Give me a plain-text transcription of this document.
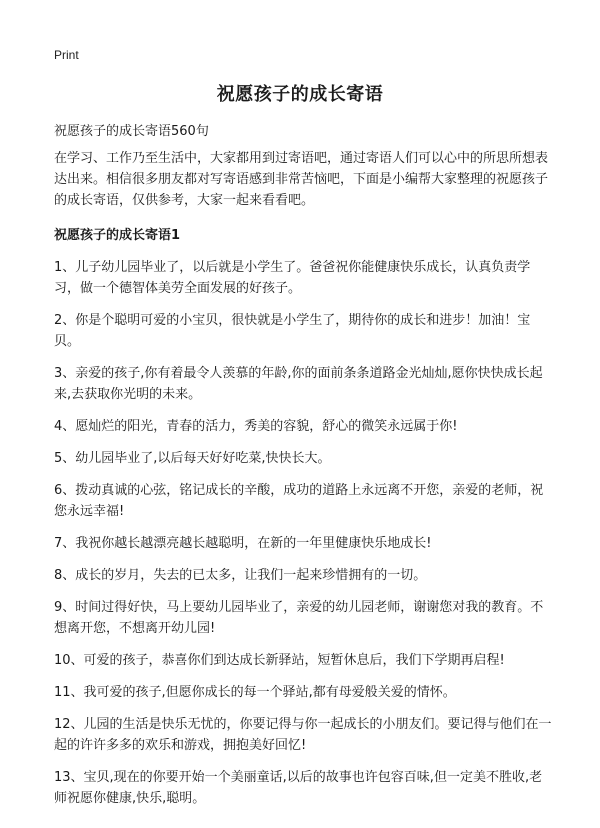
Print
祝愿孩子的成长寄语
祝愿孩子的成长寄语560句

在学习、工作乃至生活中，大家都用到过寄语吧，通过寄语人们可以心中的所思所想表达出来。相信很多朋友都对写寄语感到非常苦恼吧，下面是小编帮大家整理的祝愿孩子的成长寄语，仅供参考，大家一起来看看吧。

祝愿孩子的成长寄语1

1、儿子幼儿园毕业了，以后就是小学生了。爸爸祝你能健康快乐成长，认真负责学习，做一个德智体美劳全面发展的好孩子。

2、你是个聪明可爱的小宝贝，很快就是小学生了，期待你的成长和进步！加油！宝贝。

3、亲爱的孩子,你有着最令人羡慕的年龄,你的面前条条道路金光灿灿,愿你快快成长起来,去获取你光明的未来。

4、愿灿烂的阳光，青春的活力，秀美的容貌，舒心的微笑永远属于你!

5、幼儿园毕业了,以后每天好好吃菜,快快长大。

6、拨动真诚的心弦，铭记成长的辛酸，成功的道路上永远离不开您，亲爱的老师，祝您永远幸福!

7、我祝你越长越漂亮越长越聪明，在新的一年里健康快乐地成长!

8、成长的岁月，失去的已太多，让我们一起来珍惜拥有的一切。

9、时间过得好快，马上要幼儿园毕业了，亲爱的幼儿园老师，谢谢您对我的教育。不想离开您，不想离开幼儿园!

10、可爱的孩子，恭喜你们到达成长新驿站，短暂休息后，我们下学期再启程!

11、我可爱的孩子,但愿你成长的每一个驿站,都有母爱般关爱的情怀。

12、儿园的生活是快乐无忧的，你要记得与你一起成长的小朋友们。要记得与他们在一起的许许多多的欢乐和游戏，拥抱美好回忆!

13、宝贝,现在的你要开始一个美丽童话,以后的故事也许包容百味,但一定美不胜收,老师祝愿你健康,快乐,聪明。
